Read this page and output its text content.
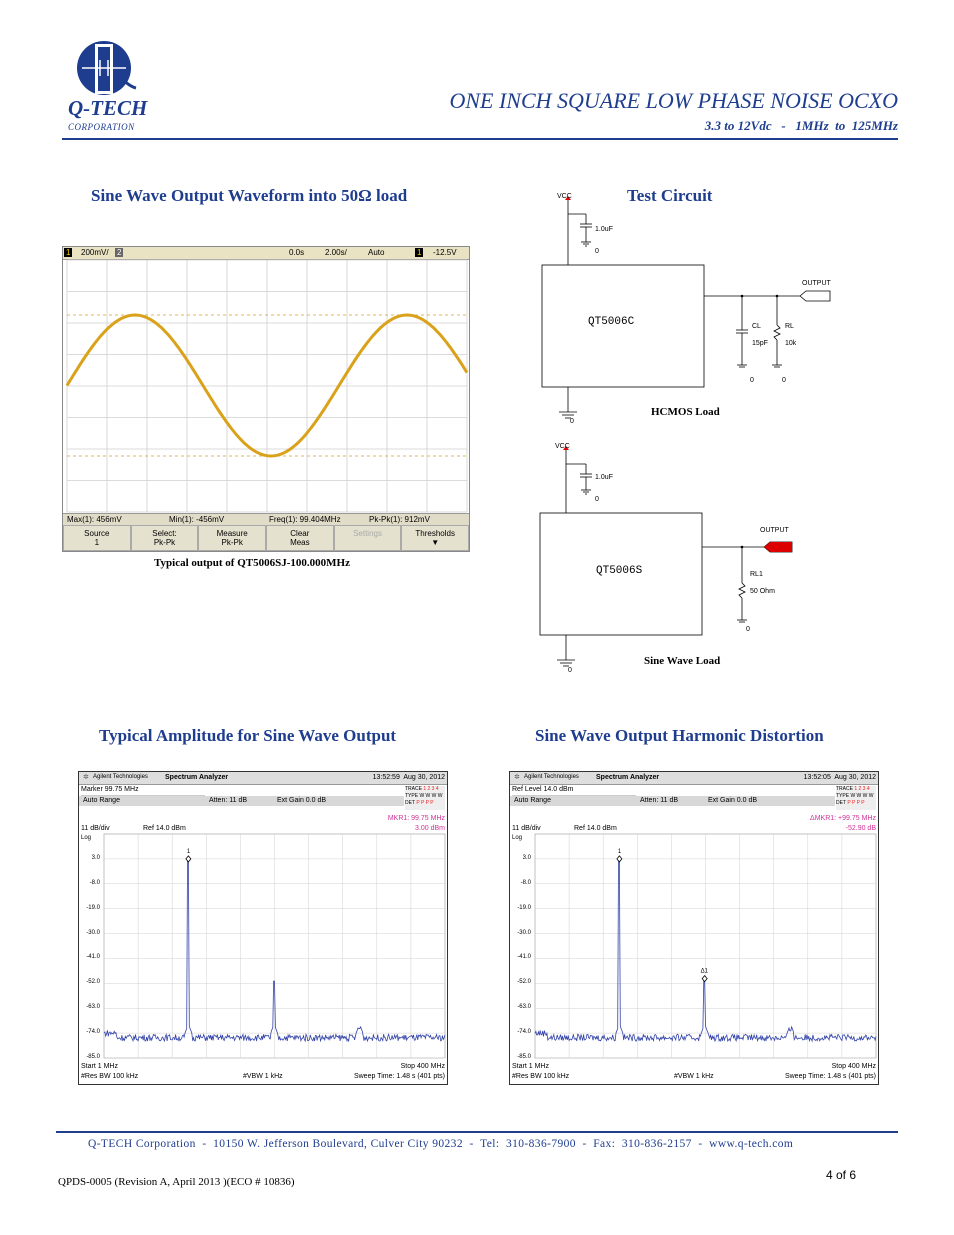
Q-TECH
CORPORATION
ONE INCH SQUARE LOW PHASE NOISE OCXO
3.3 to 12Vdc   -   1MHz  to  125MHz
Sine Wave Output Waveform into 50Ω load	Test Circuit
Typical Amplitude for Sine Wave Output	Sine Wave Output Harmonic Distortion
1 200mV/ 2	0.0s	2.00s/	Auto	1 -12.5V
Max(1): 456mV	Min(1): -456mV	Freq(1): 99.404MHz	Pk-Pk(1): 912mV
Source
1
Select:
Pk-Pk
Measure
Pk-Pk
Clear
Meas
Settings	Thresholds
▼
Typical output of QT5006SJ-100.000MHz
VCC
1.0uF
0
QT5006C
OUTPUT
CL
15pF
RL
10k
0	0
0
HCMOS Load
VCC
1.0uF
0
QT5006S
OUTPUT
RL1
50 Ohm
0
0
Sine Wave Load
✲ Agilent Technologies Spectrum Analyzer	13:52:59  Aug 30, 2012
Marker 99.75 MHz
Auto Range	Atten: 11 dB	Ext Gain 0.0 dB
TRACE 1 2 3 4
TYPE W W W W
DET P P P P
MKR1: 99.75 MHz
3.00 dBm
11 dB/div	Ref 14.0 dBm
Log
3.0
-8.0
-19.0
-30.0
-41.0
-52.0
-63.0
-74.0
-85.0
1
Start 1 MHz	Stop 400 MHz
#Res BW 100 kHz	#VBW 1 kHz	Sweep Time: 1.48 s (401 pts)
✲ Agilent Technologies Spectrum Analyzer	13:52:05  Aug 30, 2012
Ref Level 14.0 dBm
Auto Range	Atten: 11 dB	Ext Gain 0.0 dB
TRACE 1 2 3 4
TYPE W W W W
DET P P P P
ΔMKR1: +99.75 MHz
-52.90 dB
11 dB/div	Ref 14.0 dBm
Log
3.0
-8.0
-19.0
-30.0
-41.0
-52.0
-63.0
-74.0
-85.0
1
Δ1
Start 1 MHz	Stop 400 MHz
#Res BW 100 kHz	#VBW 1 kHz	Sweep Time: 1.48 s (401 pts)
Q-TECH Corporation  -  10150 W. Jefferson Boulevard, Culver City 90232  -  Tel:  310-836-7900  -  Fax:  310-836-2157  -  www.q-tech.com
QPDS-0005 (Revision A, April 2013 )(ECO # 10836)	4 of 6
